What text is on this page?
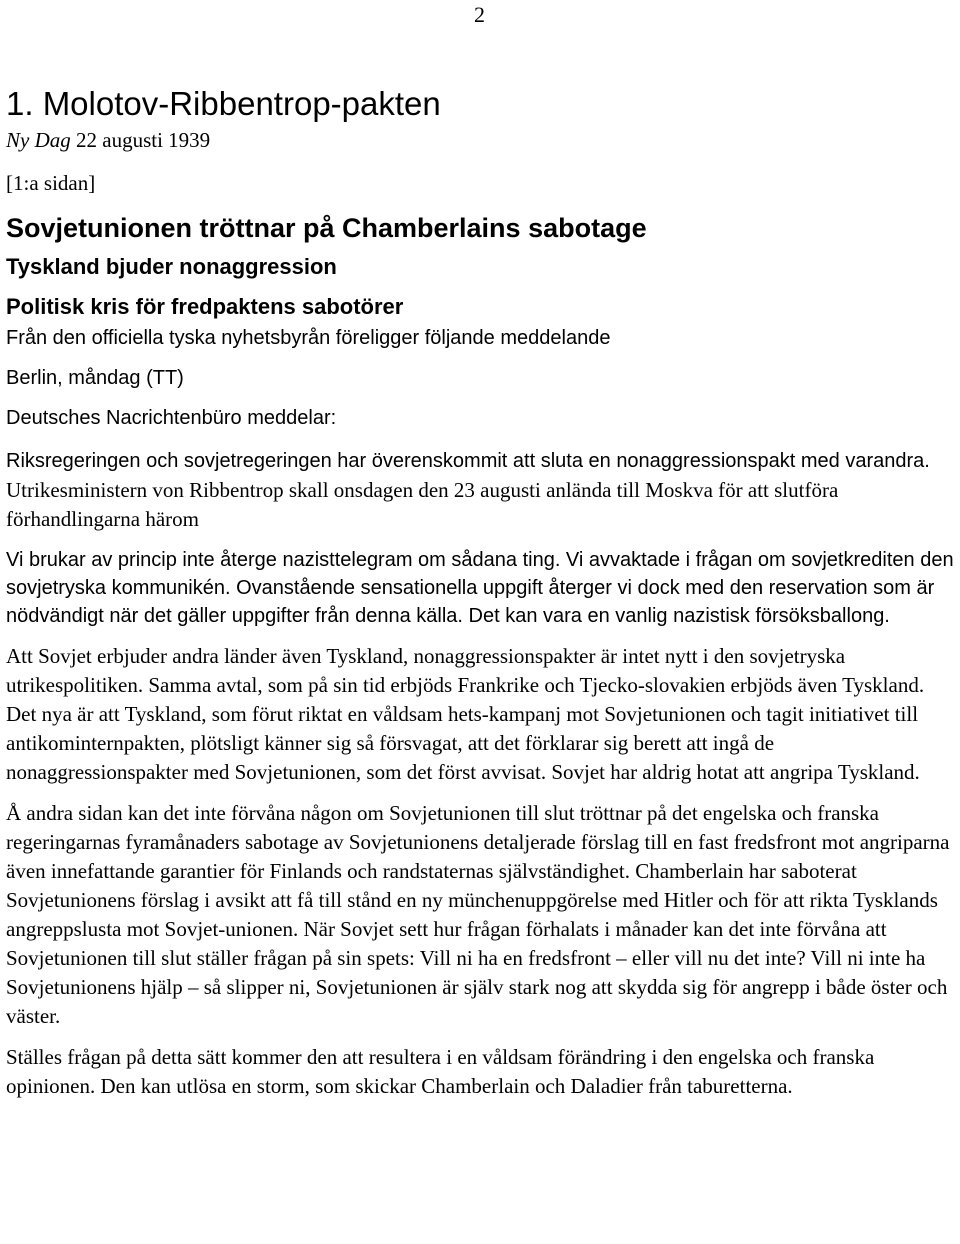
2
1. Molotov-Ribbentrop-pakten
Ny Dag 22 augusti 1939
[1:a sidan]
Sovjetunionen tröttnar på Chamberlains sabotage
Tyskland bjuder nonaggression
Politisk kris för fredpaktens sabotörer
Från den officiella tyska nyhetsbyrån föreligger följande meddelande
Berlin, måndag (TT)
Deutsches Nacrichtenbüro meddelar:

Riksregeringen och sovjetregeringen har överenskommit att sluta en nonaggressionspakt med varandra. Utrikesministern von Ribbentrop skall onsdagen den 23 augusti anlända till Moskva för att slutföra förhandlingarna härom

Vi brukar av princip inte återge nazisttelegram om sådana ting. Vi avvaktade i frågan om sovjetkrediten den sovjetryska kommunikén. Ovanstående sensationella uppgift återger vi dock med den reservation som är nödvändigt när det gäller uppgifter från denna källa. Det kan vara en vanlig nazistisk försöksballong.

Att Sovjet erbjuder andra länder även Tyskland, nonaggressionspakter är intet nytt i den sovjetryska utrikespolitiken. Samma avtal, som på sin tid erbjöds Frankrike och Tjecko-slovakien erbjöds även Tyskland. Det nya är att Tyskland, som förut riktat en våldsam hets-kampanj mot Sovjetunionen och tagit initiativet till antikominternpakten, plötsligt känner sig så försvagat, att det förklarar sig berett att ingå de nonaggressionspakter med Sovjetunionen, som det först avvisat. Sovjet har aldrig hotat att angripa Tyskland.

Å andra sidan kan det inte förvåna någon om Sovjetunionen till slut tröttnar på det engelska och franska regeringarnas fyramånaders sabotage av Sovjetunionens detaljerade förslag till en fast fredsfront mot angriparna även innefattande garantier för Finlands och randstaternas självständighet. Chamberlain har saboterat Sovjetunionens förslag i avsikt att få till stånd en ny münchenuppgörelse med Hitler och för att rikta Tysklands angreppslusta mot Sovjet-unionen. När Sovjet sett hur frågan förhalats i månader kan det inte förvåna att Sovjetunionen till slut ställer frågan på sin spets: Vill ni ha en fredsfront – eller vill nu det inte? Vill ni inte ha Sovjetunionens hjälp – så slipper ni, Sovjetunionen är själv stark nog att skydda sig för angrepp i både öster och väster.

Ställes frågan på detta sätt kommer den att resultera i en våldsam förändring i den engelska och franska opinionen. Den kan utlösa en storm, som skickar Chamberlain och Daladier från taburetterna.
